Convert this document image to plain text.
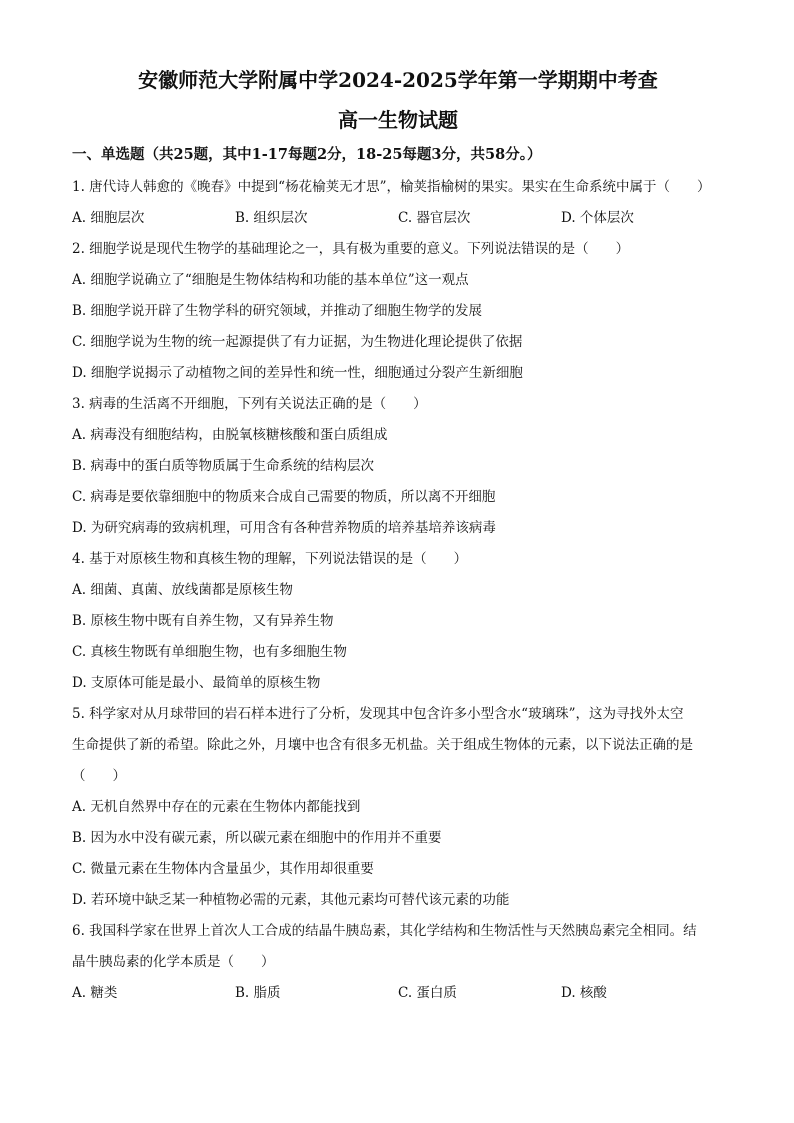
安徽师范大学附属中学2024-2025学年第一学期期中考查

高一生物试题

一、单选题（共25题，其中1-17每题2分，18-25每题3分，共58分。）

1. 唐代诗人韩愈的《晚春》中提到“杨花榆荚无才思”，榆荚指榆树的果实。果实在生命系统中属于（　　）

A. 细胞层次	B. 组织层次	C. 器官层次	D. 个体层次

2. 细胞学说是现代生物学的基础理论之一，具有极为重要的意义。下列说法错误的是（　　）

A. 细胞学说确立了“细胞是生物体结构和功能的基本单位”这一观点

B. 细胞学说开辟了生物学科的研究领域，并推动了细胞生物学的发展

C. 细胞学说为生物的统一起源提供了有力证据，为生物进化理论提供了依据

D. 细胞学说揭示了动植物之间的差异性和统一性，细胞通过分裂产生新细胞

3. 病毒的生活离不开细胞，下列有关说法正确的是（　　）

A. 病毒没有细胞结构，由脱氧核糖核酸和蛋白质组成

B. 病毒中的蛋白质等物质属于生命系统的结构层次

C. 病毒是要依靠细胞中的物质来合成自己需要的物质，所以离不开细胞

D. 为研究病毒的致病机理，可用含有各种营养物质的培养基培养该病毒

4. 基于对原核生物和真核生物的理解，下列说法错误的是（　　）

A. 细菌、真菌、放线菌都是原核生物

B. 原核生物中既有自养生物，又有异养生物

C. 真核生物既有单细胞生物，也有多细胞生物

D. 支原体可能是最小、最简单的原核生物

5. 科学家对从月球带回的岩石样本进行了分析，发现其中包含许多小型含水“玻璃珠”，这为寻找外太空

生命提供了新的希望。除此之外，月壤中也含有很多无机盐。关于组成生物体的元素，以下说法正确的是

（　　）

A. 无机自然界中存在的元素在生物体内都能找到

B. 因为水中没有碳元素，所以碳元素在细胞中的作用并不重要

C. 微量元素在生物体内含量虽少，其作用却很重要

D. 若环境中缺乏某一种植物必需的元素，其他元素均可替代该元素的功能

6. 我国科学家在世界上首次人工合成的结晶牛胰岛素，其化学结构和生物活性与天然胰岛素完全相同。结

晶牛胰岛素的化学本质是（　　）

A. 糖类	B. 脂质	C. 蛋白质	D. 核酸
